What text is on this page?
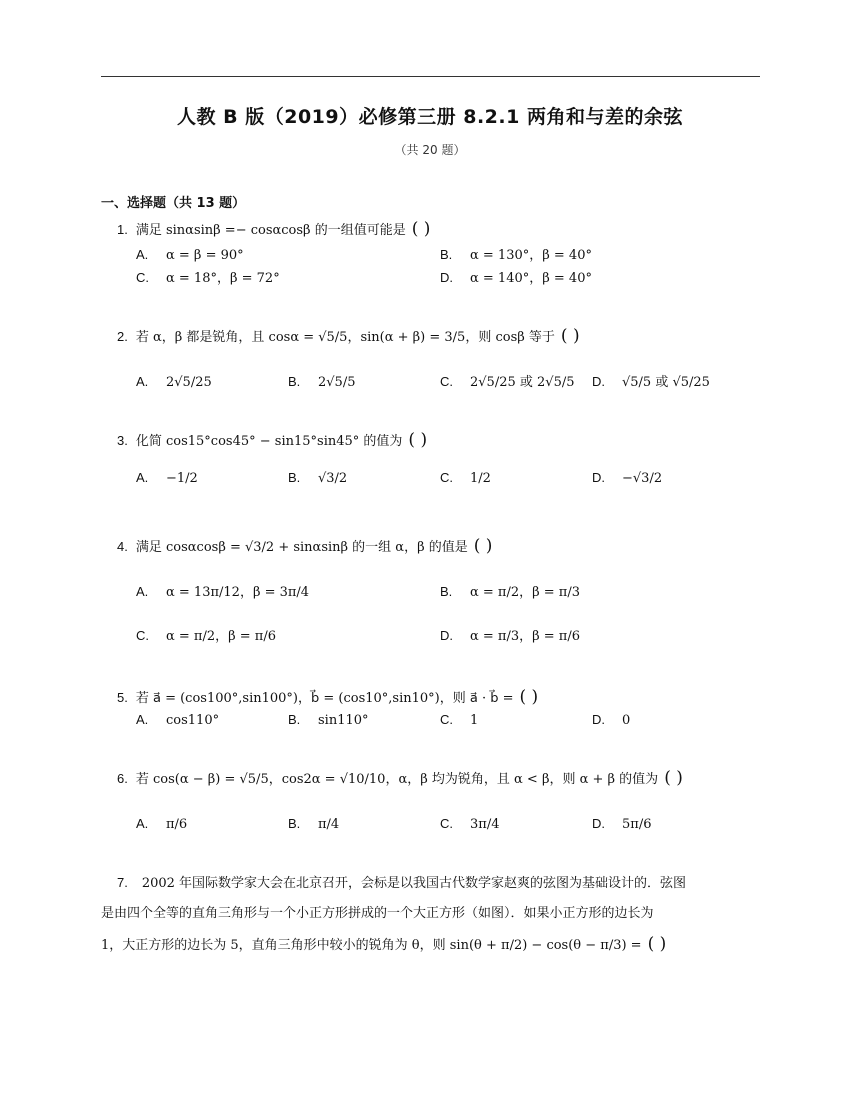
人教 B 版（2019）必修第三册 8.2.1 两角和与差的余弦
（共 20 题）
一、选择题（共 13 题）
1. 满足 sinαsinβ =− cosαcosβ 的一组值可能是 ( )
A. α = β = 90°	B. α = 130°，β = 40°
C. α = 18°，β = 72°	D. α = 140°，β = 40°
2. 若 α，β 都是锐角，且 cosα = √5/5，sin(α + β) = 3/5，则 cosβ 等于 ( )
A. 2√5/25	B. 2√5/5	C. 2√5/25 或 2√5/5 D. √5/5 或 √5/25
3. 化简 cos15°cos45° − sin15°sin45° 的值为 ( )
A. −1/2	B. √3/2	C. 1/2	D. −√3/2
4. 满足 cosαcosβ = √3/2 + sinαsinβ 的一组 α，β 的值是 ( )
A. α = 13π/12，β = 3π/4	B. α = π/2，β = π/3
C. α = π/2，β = π/6	D. α = π/3，β = π/6
5. 若 a⃗ = (cos100°,sin100°)，b⃗ = (cos10°,sin10°)，则 a⃗ · b⃗ = ( )
A. cos110°	B. sin110°	C. 1	D. 0
6. 若 cos(α − β) = √5/5，cos2α = √10/10，α，β 均为锐角，且 α < β，则 α + β 的值为 ( )
A. π/6	B. π/4	C. 3π/4	D. 5π/6
7. 2002 年国际数学家大会在北京召开，会标是以我国古代数学家赵爽的弦图为基础设计的．弦图
是由四个全等的直角三角形与一个小正方形拼成的一个大正方形（如图）．如果小正方形的边长为
1，大正方形的边长为 5，直角三角形中较小的锐角为 θ，则 sin(θ + π/2) − cos(θ − π/3) = ( )
